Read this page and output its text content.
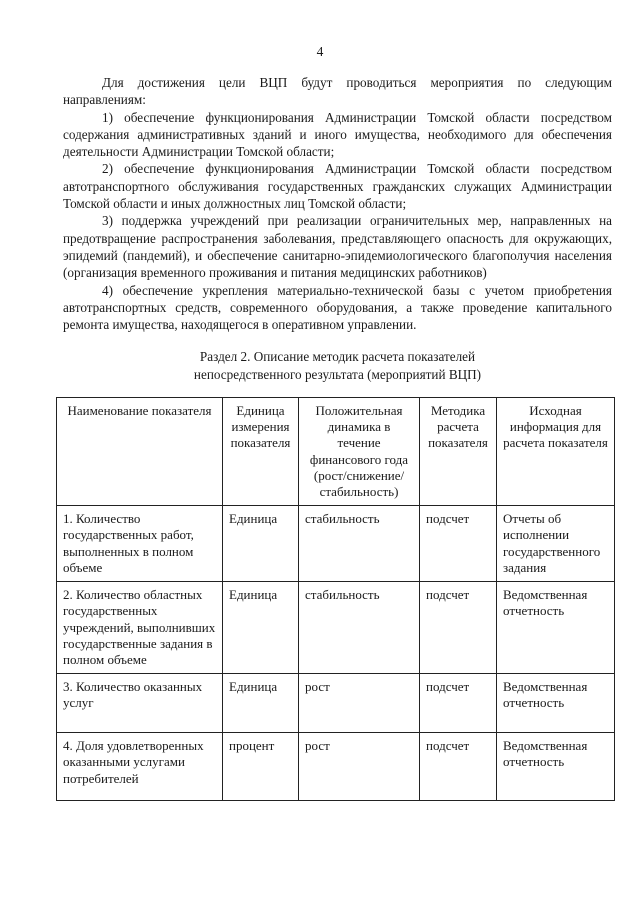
4

Для достижения цели ВЦП будут проводиться мероприятия по следующим направлениям:

1) обеспечение функционирования Администрации Томской области посредством содержания административных зданий и иного имущества, необходимого для обеспечения деятельности Администрации Томской области;

2) обеспечение функционирования Администрации Томской области посредством автотранспортного обслуживания государственных гражданских служащих Администрации Томской области и иных должностных лиц Томской области;

3) поддержка учреждений при реализации ограничительных мер, направленных на предотвращение распространения заболевания, представляющего опасность для окружающих, эпидемий (пандемий), и обеспечение санитарно-эпидемиологического благополучия населения (организация временного проживания и питания медицинских работников)

4) обеспечение укрепления материально-технической базы с учетом приобретения автотранспортных средств, современного оборудования, а также проведение капитального ремонта имущества, находящегося в оперативном управлении.

Раздел 2. Описание методик расчета показателей
непосредственного результата (мероприятий ВЦП)
Наименование показателя	Единица измерения показателя	Положительная динамика в течение финансового года (рост/снижение/ стабильность)	Методика расчета показателя	Исходная информация для расчета показателя
1. Количество государственных работ, выполненных в полном объеме	Единица	стабильность	подсчет	Отчеты об исполнении государственного задания
2. Количество областных государственных учреждений, выполнивших государственные задания в полном объеме	Единица	стабильность	подсчет	Ведомственная отчетность
3. Количество оказанных услуг	Единица	рост	подсчет	Ведомственная отчетность
4. Доля удовлетворенных оказанными услугами потребителей	процент	рост	подсчет	Ведомственная отчетность
